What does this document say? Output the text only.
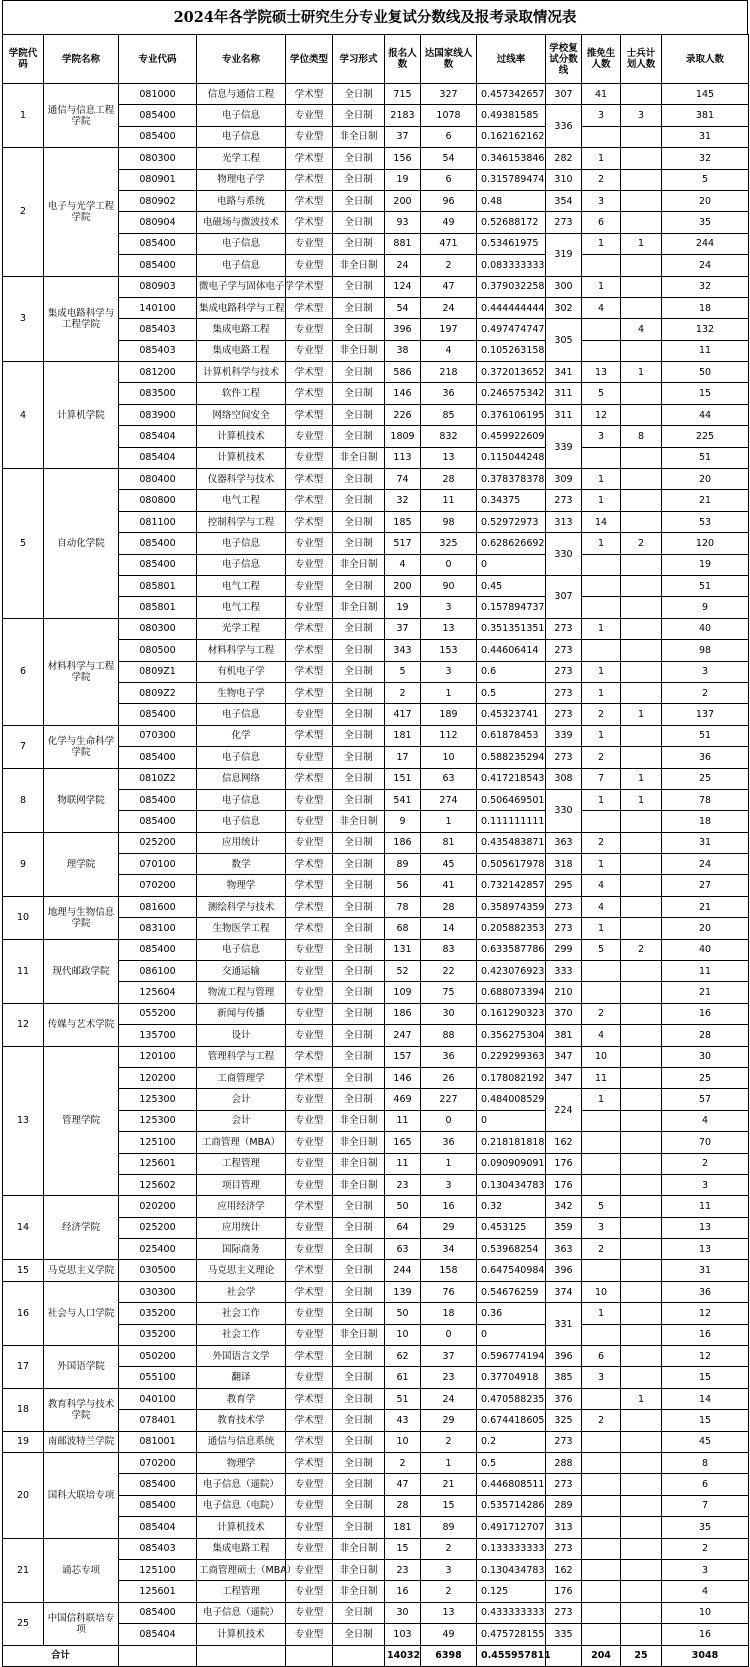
2024年各学院硕士研究生分专业复试分数线及报考录取情况表
学院代码	学院名称	专业代码	专业名称	学位类型	学习形式	报名人数	达国家线人数	过线率	学校复试分数线	推免生人数	士兵计划人数	录取人数
1	通信与信息工程学院	081000	信息与通信工程	学术型	全日制	715	327	0.457342657	307	41		145
		085400	电子信息	专业型	全日制	2183	1078	0.49381585	336	3	3	381
		085400	电子信息	专业型	非全日制	37	6	0.162162162				31
2	电子与光学工程学院	080300	光学工程	学术型	全日制	156	54	0.346153846	282	1		32
		080901	物理电子学	学术型	全日制	19	6	0.315789474	310	2		5
		080902	电路与系统	学术型	全日制	200	96	0.48	354	3		20
		080904	电磁场与微波技术	学术型	全日制	93	49	0.52688172	273	6		35
		085400	电子信息	专业型	全日制	881	471	0.53461975	319	1	1	244
		085400	电子信息	专业型	非全日制	24	2	0.083333333				24
3	集成电路科学与工程学院	080903	微电子学与固体电子学	学术型	全日制	124	47	0.379032258	300	1		32
		140100	集成电路科学与工程	学术型	全日制	54	24	0.444444444	302	4		18
		085403	集成电路工程	专业型	全日制	396	197	0.497474747	305		4	132
		085403	集成电路工程	专业型	非全日制	38	4	0.105263158				11
4	计算机学院	081200	计算机科学与技术	学术型	全日制	586	218	0.372013652	341	13	1	50
		083500	软件工程	学术型	全日制	146	36	0.246575342	311	5		15
		083900	网络空间安全	学术型	全日制	226	85	0.376106195	311	12		44
		085404	计算机技术	专业型	全日制	1809	832	0.459922609	339	3	8	225
		085404	计算机技术	专业型	非全日制	113	13	0.115044248				51
5	自动化学院	080400	仪器科学与技术	学术型	全日制	74	28	0.378378378	309	1		20
		080800	电气工程	学术型	全日制	32	11	0.34375	273	1		21
		081100	控制科学与工程	学术型	全日制	185	98	0.52972973	313	14		53
		085400	电子信息	专业型	全日制	517	325	0.628626692	330	1	2	120
		085400	电子信息	专业型	非全日制	4	0	0				19
		085801	电气工程	专业型	全日制	200	90	0.45	307			51
		085801	电气工程	专业型	非全日制	19	3	0.157894737				9
6	材料科学与工程学院	080300	光学工程	学术型	全日制	37	13	0.351351351	273	1		40
		080500	材料科学与工程	学术型	全日制	343	153	0.44606414	273			98
		0809Z1	有机电子学	学术型	全日制	5	3	0.6	273	1		3
		0809Z2	生物电子学	学术型	全日制	2	1	0.5	273	1		2
		085400	电子信息	专业型	全日制	417	189	0.45323741	273	2	1	137
7	化学与生命科学学院	070300	化学	学术型	全日制	181	112	0.61878453	339	1		51
		085400	电子信息	专业型	全日制	17	10	0.588235294	273	2		36
8	物联网学院	0810Z2	信息网络	学术型	全日制	151	63	0.417218543	308	7	1	25
		085400	电子信息	专业型	全日制	541	274	0.506469501	330	1	1	78
		085400	电子信息	专业型	非全日制	9	1	0.111111111				18
9	理学院	025200	应用统计	专业型	全日制	186	81	0.435483871	363	2		31
		070100	数学	学术型	全日制	89	45	0.505617978	318	1		24
		070200	物理学	学术型	全日制	56	41	0.732142857	295	4		27
10	地理与生物信息学院	081600	测绘科学与技术	学术型	全日制	78	28	0.358974359	273	4		21
		083100	生物医学工程	学术型	全日制	68	14	0.205882353	273	1		20
11	现代邮政学院	085400	电子信息	专业型	全日制	131	83	0.633587786	299	5	2	40
		086100	交通运输	专业型	全日制	52	22	0.423076923	333			11
		125604	物流工程与管理	专业型	全日制	109	75	0.688073394	210			21
12	传媒与艺术学院	055200	新闻与传播	专业型	全日制	186	30	0.161290323	370	2		16
		135700	设计	专业型	全日制	247	88	0.356275304	381	4		28
13	管理学院	120100	管理科学与工程	学术型	全日制	157	36	0.229299363	347	10		30
		120200	工商管理学	学术型	全日制	146	26	0.178082192	347	11		25
		125300	会计	专业型	全日制	469	227	0.484008529	224	1		57
		125300	会计	专业型	非全日制	11	0	0				4
		125100	工商管理（MBA）	专业型	非全日制	165	36	0.218181818	162			70
		125601	工程管理	专业型	非全日制	11	1	0.090909091	176			2
		125602	项目管理	专业型	非全日制	23	3	0.130434783	176			3
14	经济学院	020200	应用经济学	学术型	全日制	50	16	0.32	342	5		11
		025200	应用统计	专业型	全日制	64	29	0.453125	359	3		13
		025400	国际商务	专业型	全日制	63	34	0.53968254	363	2		13
15	马克思主义学院	030500	马克思主义理论	学术型	全日制	244	158	0.647540984	396			31
16	社会与人口学院	030300	社会学	学术型	全日制	139	76	0.54676259	374	10		36
		035200	社会工作	专业型	全日制	50	18	0.36	331	1		12
		035200	社会工作	专业型	非全日制	10	0	0				16
17	外国语学院	050200	外国语言文学	学术型	全日制	62	37	0.596774194	396	6		12
		055100	翻译	专业型	全日制	61	23	0.37704918	385	3		15
18	教育科学与技术学院	040100	教育学	学术型	全日制	51	24	0.470588235	376		1	14
		078401	教育技术学	学术型	全日制	43	29	0.674418605	325	2		15
19	南邮波特兰学院	081001	通信与信息系统	学术型	全日制	10	2	0.2	273			45
20	国科大联培专项	070200	物理学	学术型	全日制	2	1	0.5	288			8
		085400	电子信息（遥院）	专业型	全日制	47	21	0.446808511	273			6
		085400	电子信息（电院）	专业型	全日制	28	15	0.535714286	289			7
		085404	计算机技术	专业型	全日制	181	89	0.491712707	313			35
21	诵芯专项	085403	集成电路工程	专业型	非全日制	15	2	0.133333333	273			2
		125100	工商管理硕士（MBA）	专业型	非全日制	23	3	0.130434783	162			3
		125601	工程管理	专业型	非全日制	16	2	0.125	176			4
25	中国信科联培专项	085400	电子信息（遥院）	专业型	全日制	30	13	0.433333333	273			10
		085404	计算机技术	专业型	全日制	103	49	0.475728155	335			16
合计						14032	6398	0.455957811		204	25	3048
